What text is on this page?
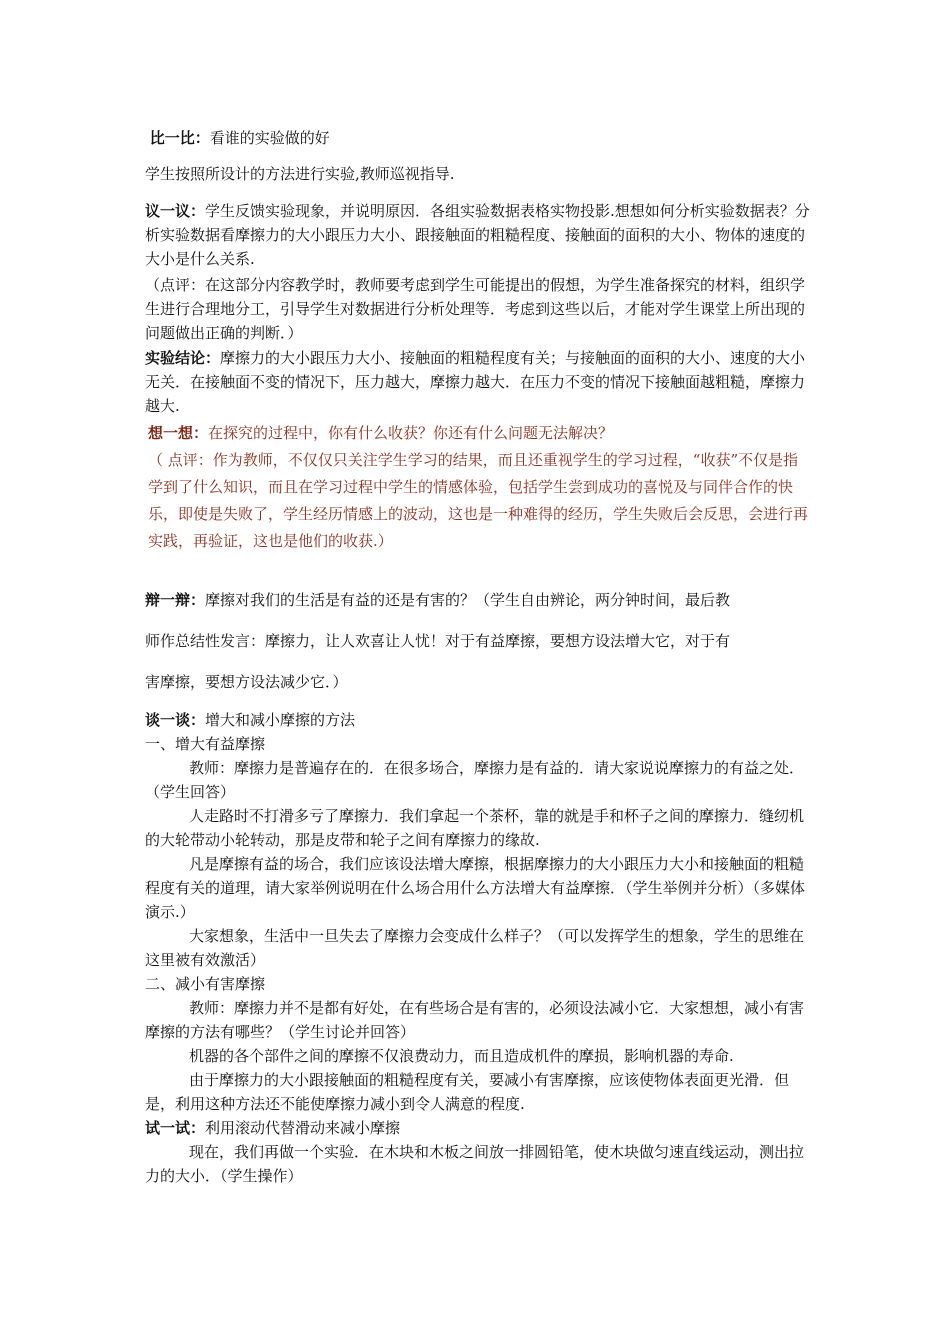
比一比：看谁的实验做的好

学生按照所设计的方法进行实验,教师巡视指导.

议一议：学生反馈实验现象，并说明原因．各组实验数据表格实物投影.想想如何分析实验数据表？分析实验数据看摩擦力的大小跟压力大小、跟接触面的粗糙程度、接触面的面积的大小、物体的速度的大小是什么关系.

（点评：在这部分内容教学时，教师要考虑到学生可能提出的假想，为学生准备探究的材料，组织学生进行合理地分工，引导学生对数据进行分析处理等．考虑到这些以后，才能对学生课堂上所出现的问题做出正确的判断．）

实验结论：摩擦力的大小跟压力大小、接触面的粗糙程度有关；与接触面的面积的大小、速度的大小无关．在接触面不变的情况下，压力越大，摩擦力越大．在压力不变的情况下接触面越粗糙，摩擦力越大.

想一想：在探究的过程中，你有什么收获？你还有什么问题无法解决？

（ 点评：作为教师，不仅仅只关注学生学习的结果，而且还重视学生的学习过程，“收获”不仅是指学到了什么知识，而且在学习过程中学生的情感体验，包括学生尝到成功的喜悦及与同伴合作的快乐，即使是失败了，学生经历情感上的波动，这也是一种难得的经历，学生失败后会反思，会进行再实践，再验证，这也是他们的收获.）

辩一辩：摩擦对我们的生活是有益的还是有害的？（学生自由辨论，两分钟时间，最后教

师作总结性发言：摩擦力，让人欢喜让人忧！对于有益摩擦，要想方设法增大它，对于有

害摩擦，要想方设法减少它．）

谈一谈：增大和减小摩擦的方法

一、增大有益摩擦

教师：摩擦力是普遍存在的．在很多场合，摩擦力是有益的．请大家说说摩擦力的有益之处．（学生回答）

人走路时不打滑多亏了摩擦力．我们拿起一个茶杯，靠的就是手和杯子之间的摩擦力．缝纫机的大轮带动小轮转动，那是皮带和轮子之间有摩擦力的缘故.

凡是摩擦有益的场合，我们应该设法增大摩擦，根据摩擦力的大小跟压力大小和接触面的粗糙程度有关的道理，请大家举例说明在什么场合用什么方法增大有益摩擦．（学生举例并分析）（多媒体演示.）

大家想象，生活中一旦失去了摩擦力会变成什么样子？（可以发挥学生的想象，学生的思维在这里被有效激活）

二、减小有害摩擦

教师：摩擦力并不是都有好处，在有些场合是有害的，必须设法减小它．大家想想，减小有害摩擦的方法有哪些？（学生讨论并回答）

机器的各个部件之间的摩擦不仅浪费动力，而且造成机件的摩损，影响机器的寿命.

由于摩擦力的大小跟接触面的粗糙程度有关，要减小有害摩擦，应该使物体表面更光滑．但是，利用这种方法还不能使摩擦力减小到令人满意的程度.

试一试：利用滚动代替滑动来减小摩擦

现在，我们再做一个实验．在木块和木板之间放一排圆铅笔，使木块做匀速直线运动，测出拉力的大小．（学生操作）
